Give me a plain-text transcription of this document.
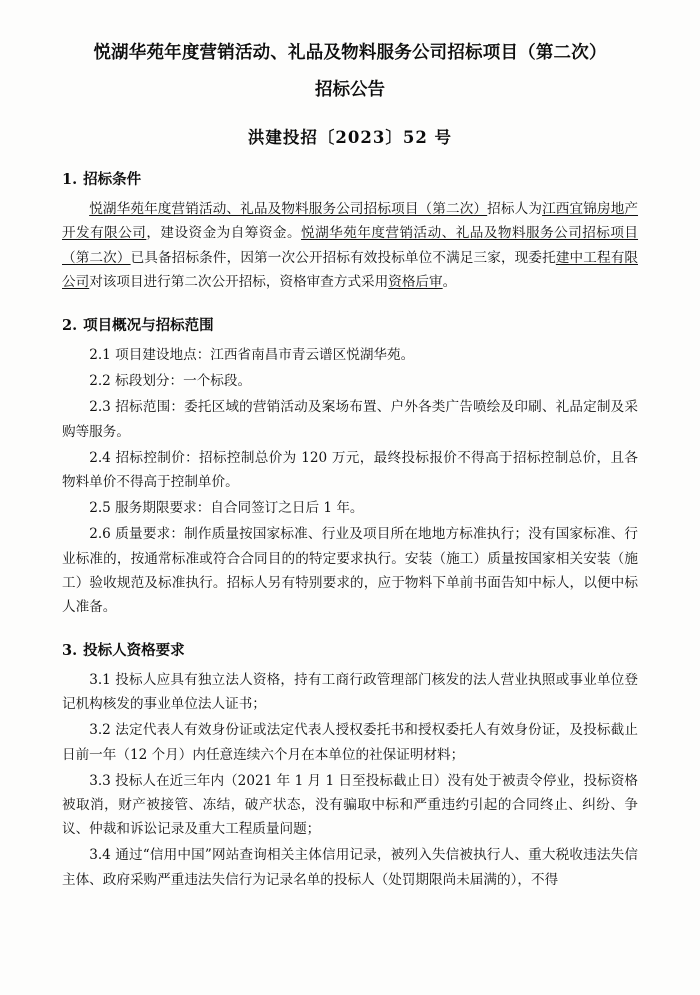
悦湖华苑年度营销活动、礼品及物料服务公司招标项目（第二次）
招标公告
洪建投招〔2023〕52 号
1. 招标条件

悦湖华苑年度营销活动、礼品及物料服务公司招标项目（第二次）招标人为江西宜锦房地产开发有限公司，建设资金为自筹资金。悦湖华苑年度营销活动、礼品及物料服务公司招标项目（第二次）已具备招标条件，因第一次公开招标有效投标单位不满足三家，现委托建中工程有限公司对该项目进行第二次公开招标，资格审查方式采用资格后审。

2. 项目概况与招标范围

2.1 项目建设地点：江西省南昌市青云谱区悦湖华苑。

2.2 标段划分：一个标段。

2.3 招标范围：委托区域的营销活动及案场布置、户外各类广告喷绘及印刷、礼品定制及采购等服务。

2.4 招标控制价：招标控制总价为 120 万元，最终投标报价不得高于招标控制总价，且各物料单价不得高于控制单价。

2.5 服务期限要求：自合同签订之日后 1 年。

2.6 质量要求：制作质量按国家标准、行业及项目所在地地方标准执行；没有国家标准、行业标准的，按通常标准或符合合同目的的特定要求执行。安装（施工）质量按国家相关安装（施工）验收规范及标准执行。招标人另有特别要求的，应于物料下单前书面告知中标人，以便中标人准备。

3. 投标人资格要求

3.1 投标人应具有独立法人资格，持有工商行政管理部门核发的法人营业执照或事业单位登记机构核发的事业单位法人证书；

3.2 法定代表人有效身份证或法定代表人授权委托书和授权委托人有效身份证，及投标截止日前一年（12 个月）内任意连续六个月在本单位的社保证明材料；

3.3 投标人在近三年内（2021 年 1 月 1 日至投标截止日）没有处于被责令停业，投标资格被取消，财产被接管、冻结，破产状态，没有骗取中标和严重违约引起的合同终止、纠纷、争议、仲裁和诉讼记录及重大工程质量问题；

3.4 通过“信用中国”网站查询相关主体信用记录，被列入失信被执行人、重大税收违法失信主体、政府采购严重违法失信行为记录名单的投标人（处罚期限尚未届满的），不得
